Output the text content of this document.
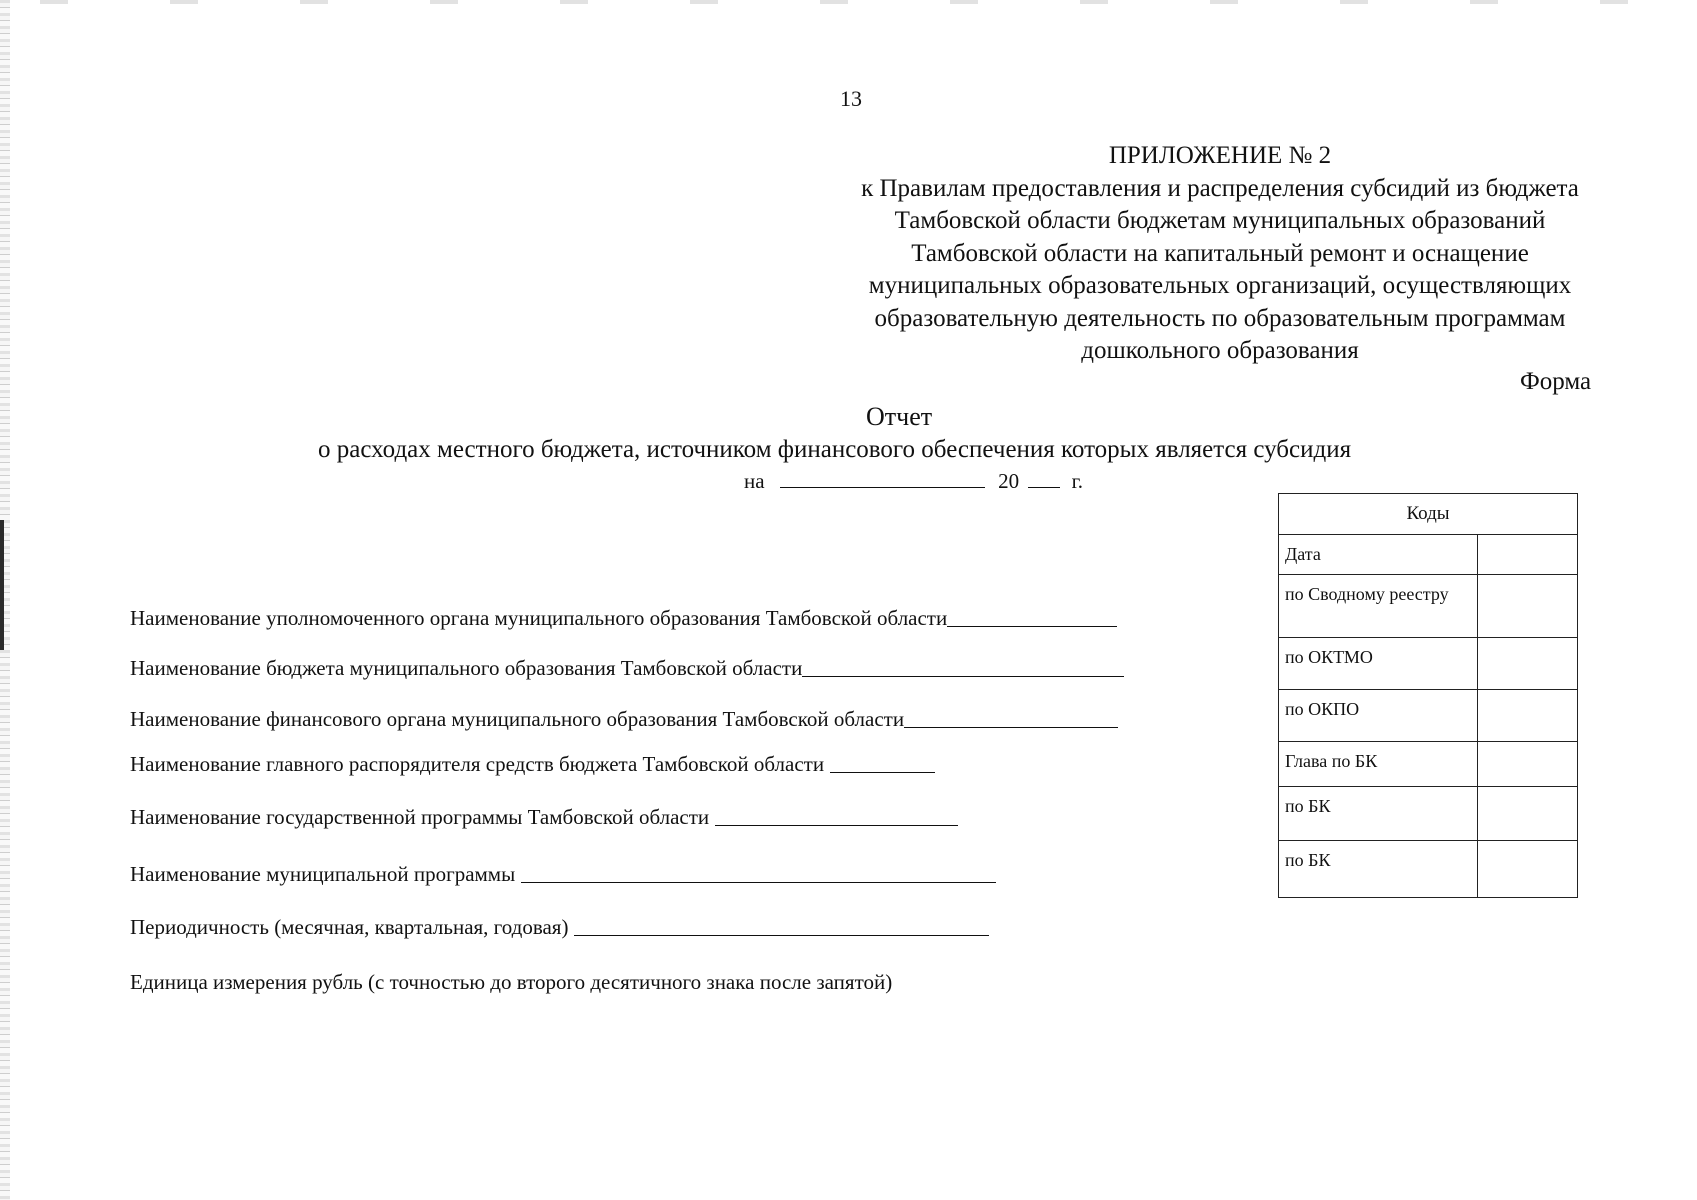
13
ПРИЛОЖЕНИЕ № 2
к Правилам предоставления и распределения субсидий из бюджета
Тамбовской области бюджетам муниципальных образований
Тамбовской области на капитальный ремонт и оснащение
муниципальных образовательных организаций, осуществляющих
образовательную деятельность по образовательным программам
дошкольного образования
Форма
Отчет
о расходах местного бюджета, источником финансового обеспечения которых является субсидия
на	20	г.
Наименование уполномоченного органа муниципального образования Тамбовской области
Наименование бюджета муниципального образования Тамбовской области
Наименование финансового органа муниципального образования Тамбовской области
Наименование главного распорядителя средств бюджета Тамбовской области
Наименование государственной программы Тамбовской области
Наименование муниципальной программы
Периодичность (месячная, квартальная, годовая)
Единица измерения рубль (с точностью до второго десятичного знака после запятой)
Коды	
Дата	
по Сводному реестру	
по ОКТМО	
по ОКПО	
Глава по БК	
по БК	
по БК	
